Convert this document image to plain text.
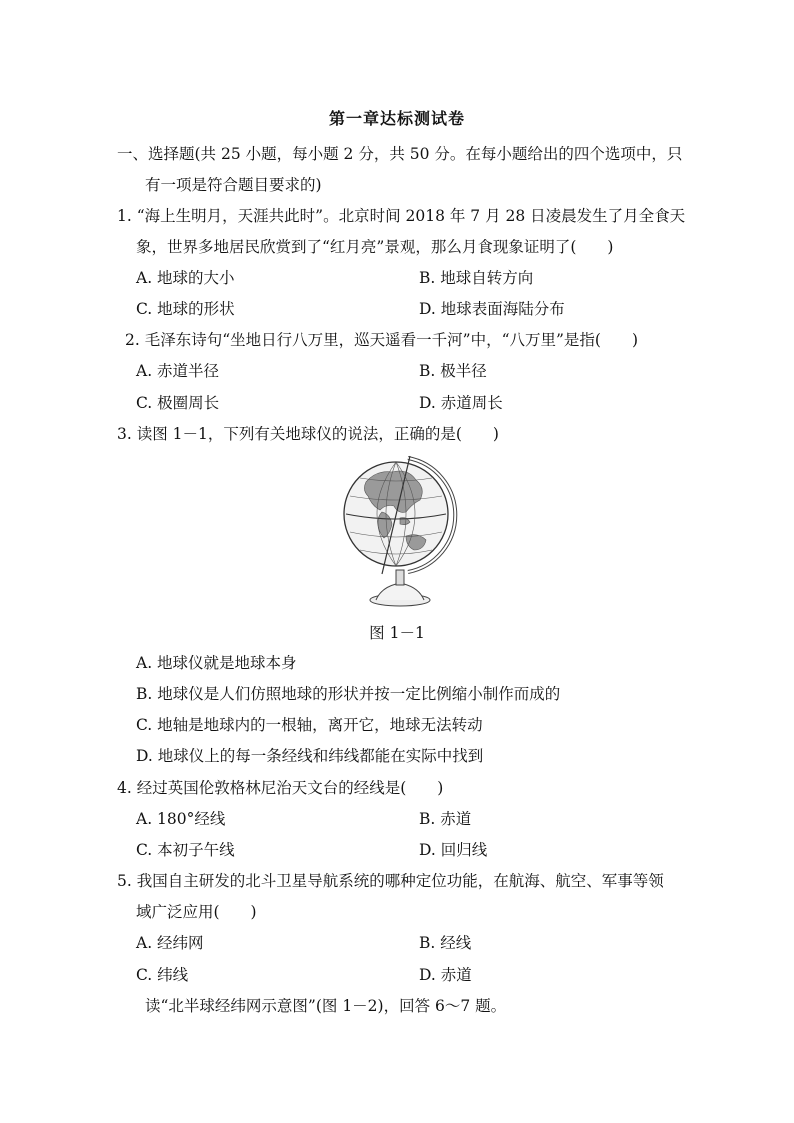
第一章达标测试卷
一、选择题(共 25 小题，每小题 2 分，共 50 分。在每小题给出的四个选项中，只
有一项是符合题目要求的)
1. “海上生明月，天涯共此时”。北京时间 2018 年 7 月 28 日凌晨发生了月全食天
象，世界多地居民欣赏到了“红月亮”景观，那么月食现象证明了(　　)
A. 地球的大小	B. 地球自转方向
C. 地球的形状	D. 地球表面海陆分布
2. 毛泽东诗句“坐地日行八万里，巡天遥看一千河”中，“八万里”是指(　　)
A. 赤道半径	B. 极半径
C. 极圈周长	D. 赤道周长
3. 读图 1－1，下列有关地球仪的说法，正确的是(　　)
图 1－1
A. 地球仪就是地球本身
B. 地球仪是人们仿照地球的形状并按一定比例缩小制作而成的
C. 地轴是地球内的一根轴，离开它，地球无法转动
D. 地球仪上的每一条经线和纬线都能在实际中找到
4. 经过英国伦敦格林尼治天文台的经线是(　　)
A. 180°经线	B. 赤道
C. 本初子午线	D. 回归线
5. 我国自主研发的北斗卫星导航系统的哪种定位功能，在航海、航空、军事等领
域广泛应用(　　)
A. 经纬网	B. 经线
C. 纬线	D. 赤道
读“北半球经纬网示意图”(图 1－2)，回答 6～7 题。
